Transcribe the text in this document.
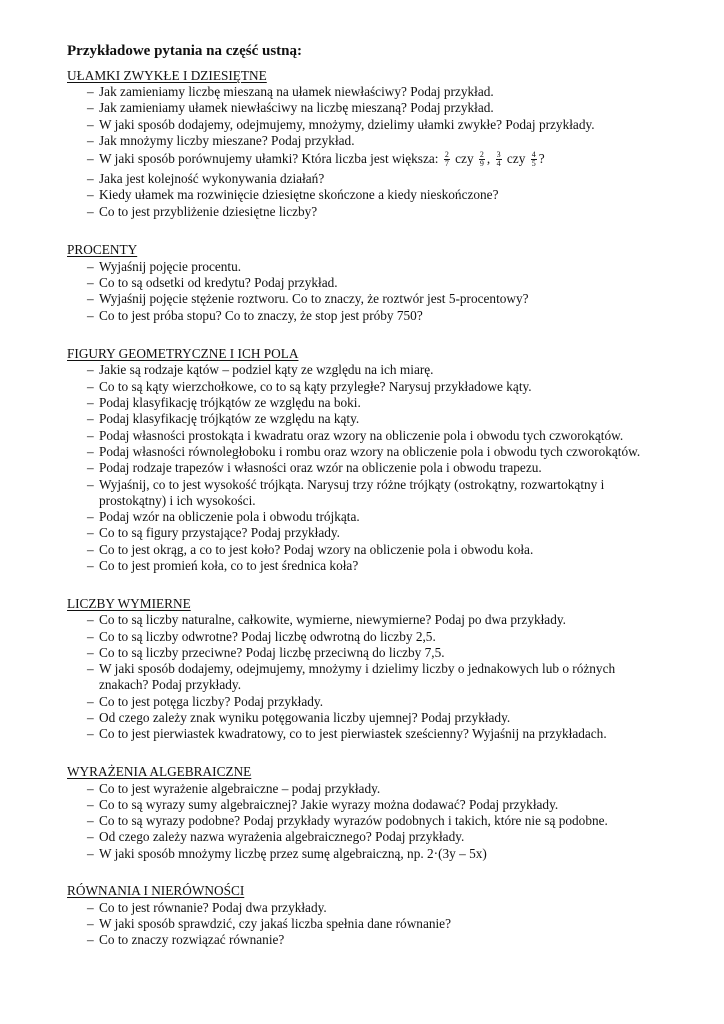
Przykładowe pytania na część ustną:
UŁAMKI ZWYKŁE I DZIESIĘTNE
– Jak zamieniamy liczbę mieszaną na ułamek niewłaściwy? Podaj przykład.
– Jak zamieniamy ułamek niewłaściwy na liczbę mieszaną? Podaj przykład.
– W jaki sposób dodajemy, odejmujemy, mnożymy, dzielimy ułamki zwykłe? Podaj przykłady.
– Jak mnożymy liczby mieszane? Podaj przykład.
– W jaki sposób porównujemy ułamki? Która liczba jest większa: $\frac{2}{7}$ czy $\frac{2}{9}$ , $\frac{3}{4}$ czy $\frac{4}{5}$ ?
– Jaka jest kolejność wykonywania działań?
– Kiedy ułamek ma rozwinięcie dziesiętne skończone a kiedy nieskończone?
– Co to jest przybliżenie dziesiętne liczby?
PROCENTY
– Wyjaśnij pojęcie procentu.
– Co to są odsetki od kredytu? Podaj przykład.
– Wyjaśnij pojęcie stężenie roztworu. Co to znaczy, że roztwór jest 5-procentowy?
– Co to jest próba stopu? Co to znaczy, że stop jest próby 750?
FIGURY GEOMETRYCZNE I ICH POLA
– Jakie są rodzaje kątów – podziel kąty ze względu na ich miarę.
– Co to są kąty wierzchołkowe, co to są kąty przyległe? Narysuj przykładowe kąty.
– Podaj klasyfikację trójkątów ze względu na boki.
– Podaj klasyfikację trójkątów ze względu na kąty.
– Podaj własności prostokąta i kwadratu oraz wzory na obliczenie pola i obwodu tych czworokątów.
– Podaj własności równoległoboku i rombu oraz wzory na obliczenie pola i obwodu tych czworokątów.
– Podaj rodzaje trapezów i własności oraz wzór na obliczenie pola i obwodu trapezu.
– Wyjaśnij, co to jest wysokość trójkąta. Narysuj trzy różne trójkąty (ostrokątny, rozwartokątny i
prostokątny) i ich wysokości.
– Podaj wzór na obliczenie pola i obwodu trójkąta.
– Co to są figury przystające? Podaj przykłady.
– Co to jest okrąg, a co to jest koło? Podaj wzory na obliczenie pola i obwodu koła.
– Co to jest promień koła, co to jest średnica koła?
LICZBY WYMIERNE
– Co to są liczby naturalne, całkowite, wymierne, niewymierne? Podaj po dwa przykłady.
– Co to są liczby odwrotne? Podaj liczbę odwrotną do liczby 2,5.
– Co to są liczby przeciwne? Podaj liczbę przeciwną do liczby 7,5.
– W jaki sposób dodajemy, odejmujemy, mnożymy i dzielimy liczby o jednakowych lub o różnych
znakach? Podaj przykłady.
– Co to jest potęga liczby? Podaj przykłady.
– Od czego zależy znak wyniku potęgowania liczby ujemnej? Podaj przykłady.
– Co to jest pierwiastek kwadratowy, co to jest pierwiastek sześcienny? Wyjaśnij na przykładach.
WYRAŻENIA ALGEBRAICZNE
– Co to jest wyrażenie algebraiczne – podaj przykłady.
– Co to są wyrazy sumy algebraicznej? Jakie wyrazy można dodawać? Podaj przykłady.
– Co to są wyrazy podobne? Podaj przykłady wyrazów podobnych i takich, które nie są podobne.
– Od czego zależy nazwa wyrażenia algebraicznego? Podaj przykłady.
– W jaki sposób mnożymy liczbę przez sumę algebraiczną, np. 2·(3y – 5x)
RÓWNANIA I NIERÓWNOŚCI
– Co to jest równanie? Podaj dwa przykłady.
– W jaki sposób sprawdzić, czy jakaś liczba spełnia dane równanie?
– Co to znaczy rozwiązać równanie?
